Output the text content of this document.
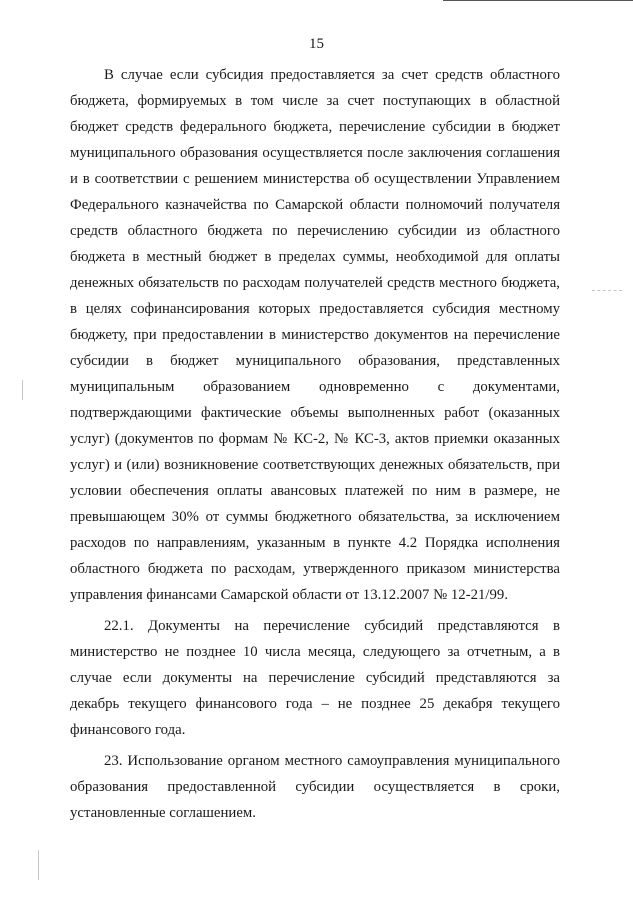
15

В случае если субсидия предоставляется за счет средств областного бюджета, формируемых в том числе за счет поступающих в областной бюджет средств федерального бюджета, перечисление субсидии в бюджет муниципального образования осуществляется после заключения соглашения и в соответствии с решением министерства об осуществлении Управлением Федерального казначейства по Самарской области полномочий получателя средств областного бюджета по перечислению субсидии из областного бюджета в местный бюджет в пределах суммы, необходимой для оплаты денежных обязательств по расходам получателей средств местного бюджета, в целях софинансирования которых предоставляется субсидия местному бюджету, при предоставлении в министерство документов на перечисление субсидии в бюджет муниципального образования, представленных муниципальным образованием одновременно с документами, подтверждающими фактические объемы выполненных работ (оказанных услуг) (документов по формам № КС-2, № КС-3, актов приемки оказанных услуг) и (или) возникновение соответствующих денежных обязательств, при условии обеспечения оплаты авансовых платежей по ним в размере, не превышающем 30% от суммы бюджетного обязательства, за исключением расходов по направлениям, указанным в пункте 4.2 Порядка исполнения областного бюджета по расходам, утвержденного приказом министерства управления финансами Самарской области от 13.12.2007 № 12-21/99.

22.1. Документы на перечисление субсидий представляются в министерство не позднее 10 числа месяца, следующего за отчетным, а в случае если документы на перечисление субсидий представляются за декабрь текущего финансового года – не позднее 25 декабря текущего финансового года.

23. Использование органом местного самоуправления муниципального образования предоставленной субсидии осуществляется в сроки, установленные соглашением.
